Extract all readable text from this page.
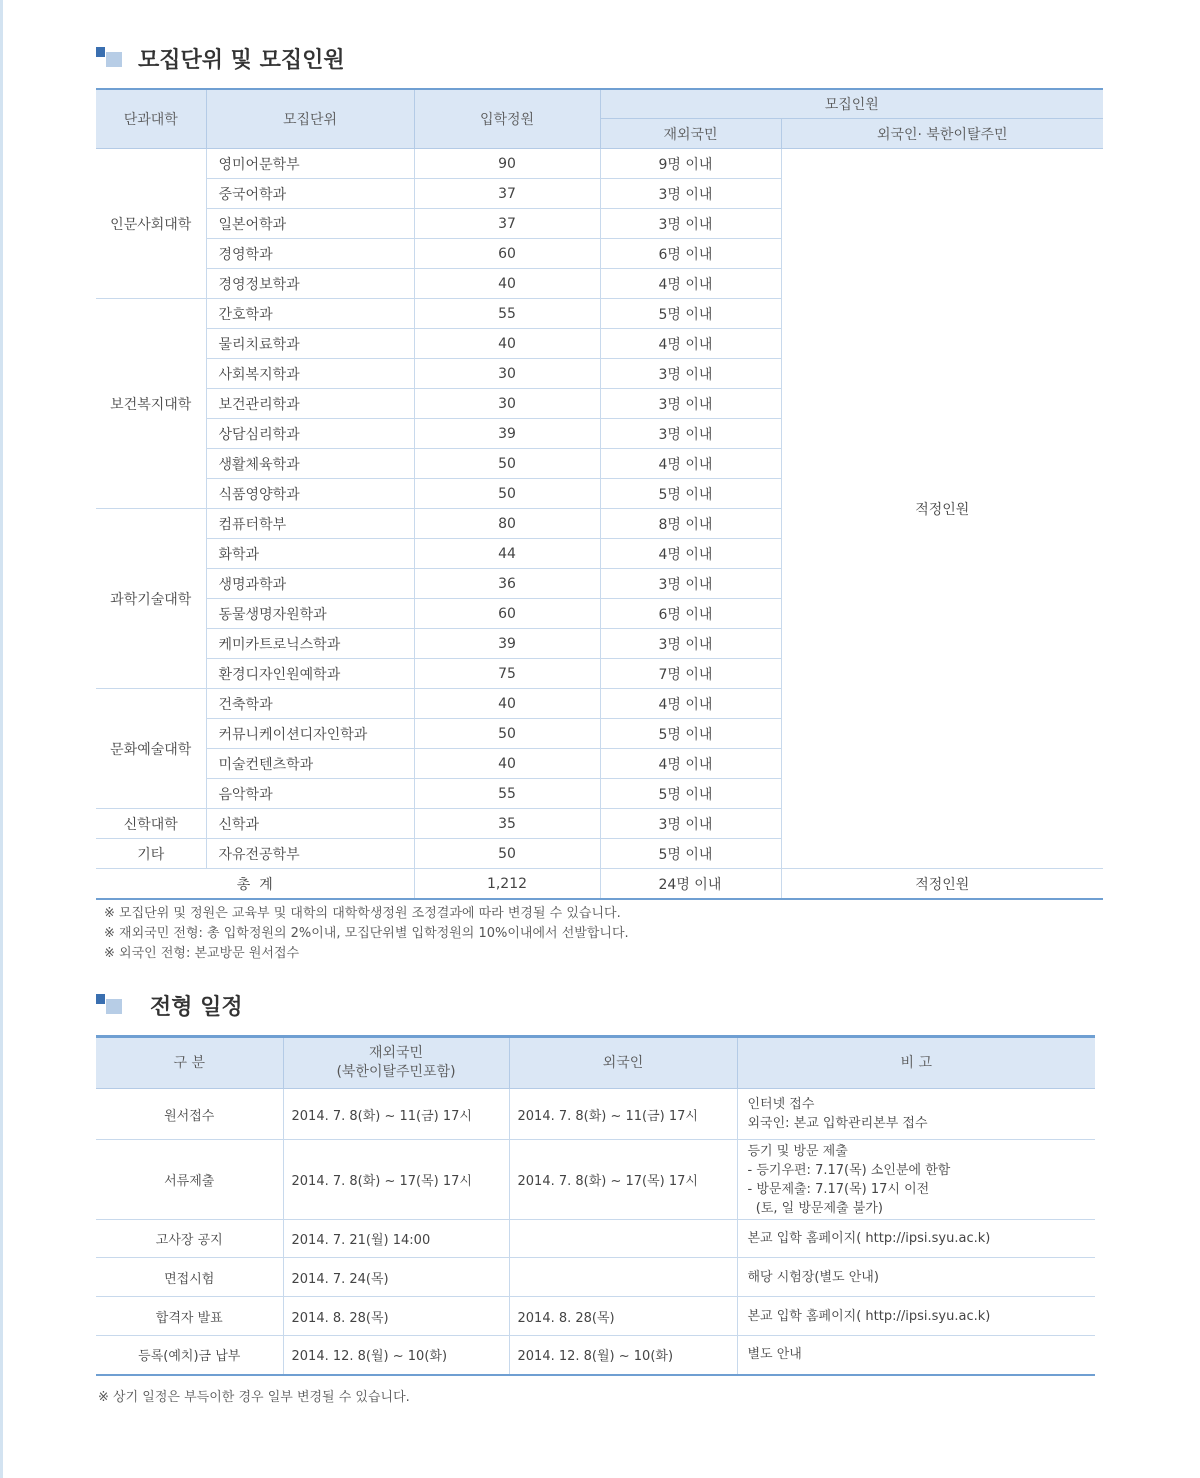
모집단위 및 모집인원
단과대학	모집단위	입학정원	모집인원	
			재외국민	외국인· 북한이탈주민
인문사회대학	영미어문학부	90	9명 이내	적정인원
	중국어학과	37	3명 이내	
	일본어학과	37	3명 이내	
	경영학과	60	6명 이내	
	경영정보학과	40	4명 이내	
보건복지대학	간호학과	55	5명 이내	
	물리치료학과	40	4명 이내	
	사회복지학과	30	3명 이내	
	보건관리학과	30	3명 이내	
	상담심리학과	39	3명 이내	
	생활체육학과	50	4명 이내	
	식품영양학과	50	5명 이내	
과학기술대학	컴퓨터학부	80	8명 이내	
	화학과	44	4명 이내	
	생명과학과	36	3명 이내	
	동물생명자원학과	60	6명 이내	
	케미카트로닉스학과	39	3명 이내	
	환경디자인원예학과	75	7명 이내	
문화예술대학	건축학과	40	4명 이내	
	커뮤니케이션디자인학과	50	5명 이내	
	미술컨텐츠학과	40	4명 이내	
	음악학과	55	5명 이내	
신학대학	신학과	35	3명 이내	
기타	자유전공학부	50	5명 이내	
총  계		1,212	24명 이내	적정인원
※ 모집단위 및 정원은 교육부 및 대학의 대학학생정원 조정결과에 따라 변경될 수 있습니다.
※ 재외국민 전형: 총 입학정원의 2%이내, 모집단위별 입학정원의 10%이내에서 선발합니다.
※ 외국인 전형: 본교방문 원서접수
전형 일정
구 분	재외국민
(북한이탈주민포함)	외국인	비 고
원서접수	2014. 7. 8(화) ~ 11(금) 17시	2014. 7. 8(화) ~ 11(금) 17시	인터넷 접수
외국인: 본교 입학관리본부 접수

서류제출	2014. 7. 8(화) ~ 17(목) 17시	2014. 7. 8(화) ~ 17(목) 17시	등기 및 방문 제출
- 등기우편: 7.17(목) 소인분에 한함
- 방문제출: 7.17(목) 17시 이전
(토, 일 방문제출 불가)

고사장 공지	2014. 7. 21(월) 14:00		본교 입학 홈페이지( http://ipsi.syu.ac.k)

면접시험	2014. 7. 24(목)		해당 시험장(별도 안내)

합격자 발표	2014. 8. 28(목)	2014. 8. 28(목)	본교 입학 홈페이지( http://ipsi.syu.ac.k)

등록(예치)금 납부	2014. 12. 8(월) ~ 10(화)	2014. 12. 8(월) ~ 10(화)	별도 안내
※ 상기 일정은 부득이한 경우 일부 변경될 수 있습니다.
